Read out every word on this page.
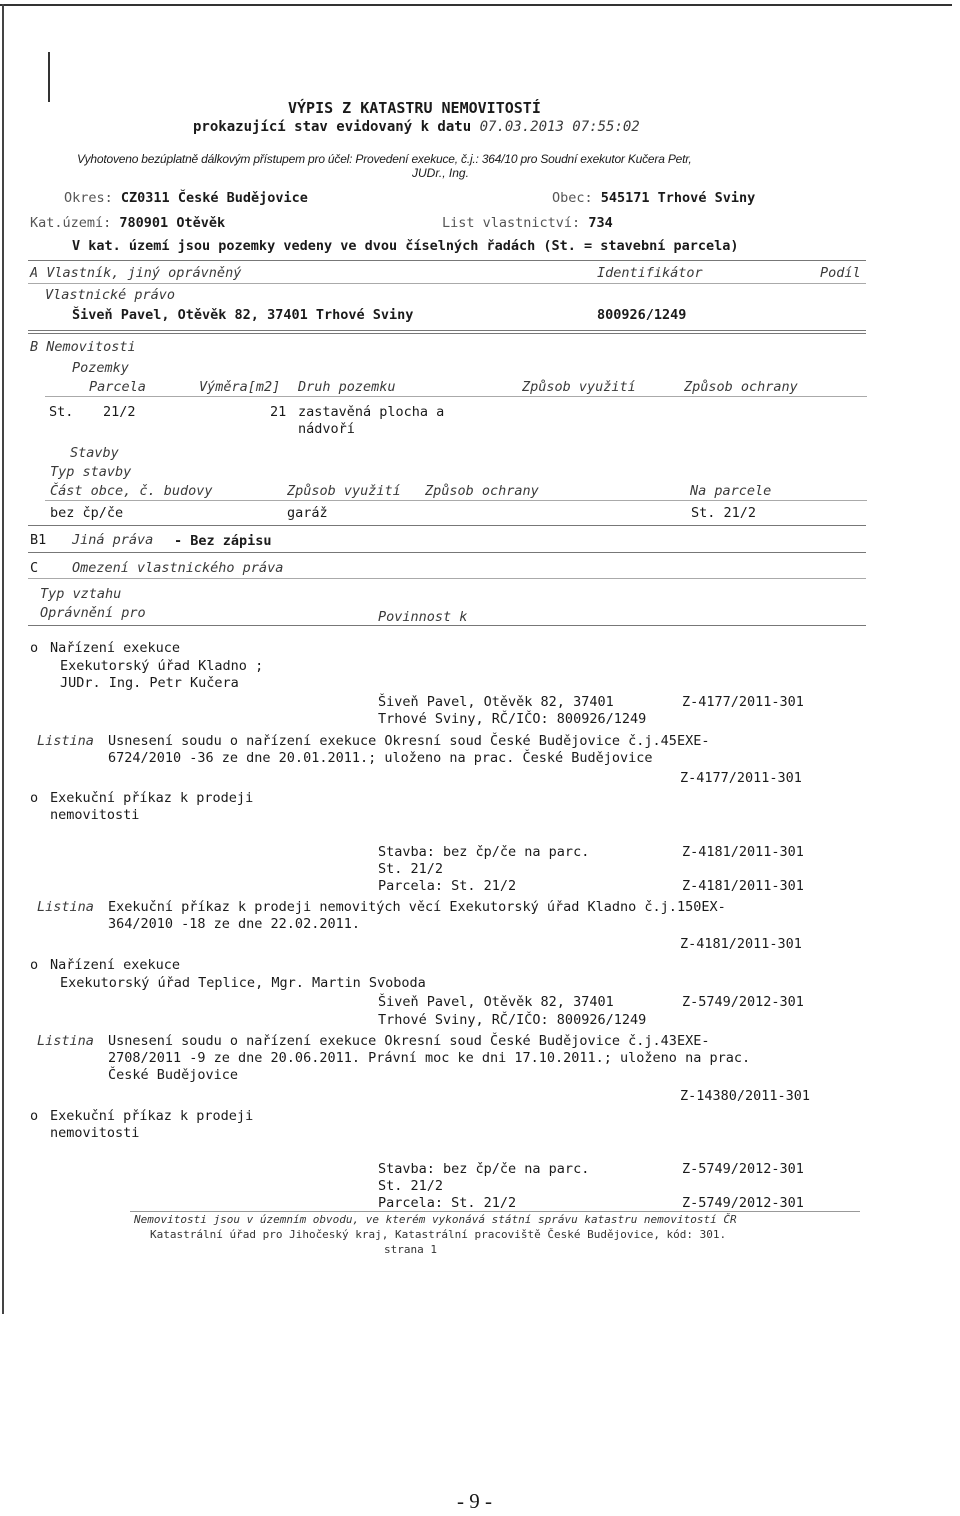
VÝPIS Z KATASTRU NEMOVITOSTÍ
prokazující stav evidovaný k datu 07.03.2013 07:55:02
Vyhotoveno bezúplatně dálkovým přístupem pro účel: Provedení exekuce, č.j.: 364/10 pro Soudní exekutor Kučera Petr,
JUDr., Ing.
Okres: CZ0311 České Budějovice	Obec: 545171 Trhové Sviny
Kat.území: 780901 Otěvěk	List vlastnictví: 734
V kat. území jsou pozemky vedeny ve dvou číselných řadách (St. = stavební parcela)
A Vlastník, jiný oprávněný	Identifikátor	Podíl
Vlastnické právo
Šiveň Pavel, Otěvěk 82, 37401 Trhové Sviny	800926/1249
B Nemovitosti
Pozemky
Parcela	Výměra[m2] Druh pozemku	Způsob využití	Způsob ochrany
St. 21/2	21 zastavěná plocha a
nádvoří
Stavby
Typ stavby
Část obce, č. budovy	Způsob využití Způsob ochrany	Na parcele
bez čp/če	garáž	St. 21/2
B1 Jiná práva - Bez zápisu
C	Omezení vlastnického práva
Typ vztahu
Oprávnění pro	Povinnost k
o Nařízení exekuce
Exekutorský úřad Kladno ;
JUDr. Ing. Petr Kučera
Šiveň Pavel, Otěvěk 82, 37401	Z-4177/2011-301
Trhové Sviny, RČ/IČO: 800926/1249
Listina Usnesení soudu o nařízení exekuce Okresní soud České Budějovice č.j.45EXE-
6724/2010 -36 ze dne 20.01.2011.; uloženo na prac. České Budějovice
Z-4177/2011-301
o Exekuční příkaz k prodeji
nemovitosti
Stavba: bez čp/če na parc.	Z-4181/2011-301
St. 21/2
Parcela: St. 21/2	Z-4181/2011-301
Listina Exekuční příkaz k prodeji nemovitých věcí Exekutorský úřad Kladno č.j.150EX-
364/2010 -18 ze dne 22.02.2011.
Z-4181/2011-301
o Nařízení exekuce
Exekutorský úřad Teplice, Mgr. Martin Svoboda
Šiveň Pavel, Otěvěk 82, 37401	Z-5749/2012-301
Trhové Sviny, RČ/IČO: 800926/1249
Listina Usnesení soudu o nařízení exekuce Okresní soud České Budějovice č.j.43EXE-
2708/2011 -9 ze dne 20.06.2011. Právní moc ke dni 17.10.2011.; uloženo na prac.
České Budějovice
Z-14380/2011-301
o Exekuční příkaz k prodeji
nemovitosti
Stavba: bez čp/če na parc.	Z-5749/2012-301
St. 21/2
Parcela: St. 21/2	Z-5749/2012-301
Nemovitosti jsou v územním obvodu, ve kterém vykonává státní správu katastru nemovitostí ČR
Katastrální úřad pro Jihočeský kraj, Katastrální pracoviště České Budějovice, kód: 301.
strana 1
- 9 -
